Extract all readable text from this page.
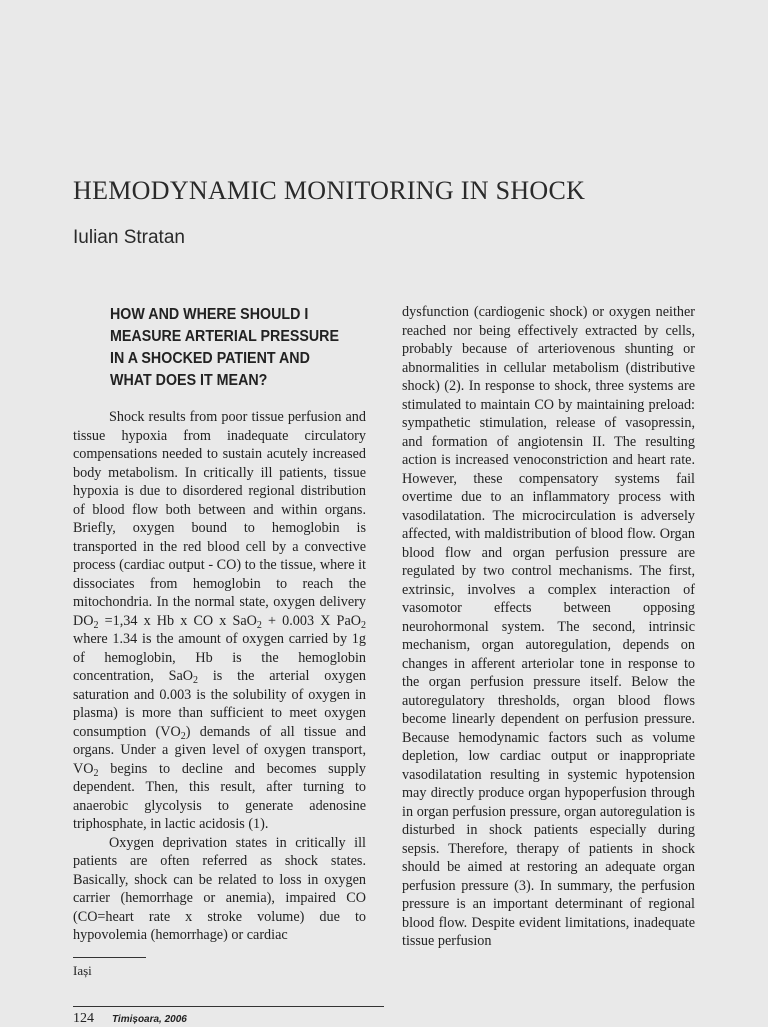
HEMODYNAMIC MONITORING IN SHOCK
Iulian Stratan
HOW AND WHERE SHOULD I MEASURE ARTERIAL PRESSURE IN A SHOCKED PATIENT AND WHAT DOES IT MEAN?

Shock results from poor tissue perfusion and tissue hypoxia from inadequate circulatory compensations needed to sustain acutely increased body metabolism. In critically ill patients, tissue hypoxia is due to disordered regional distribution of blood flow both between and within organs. Briefly, oxygen bound to hemoglobin is transported in the red blood cell by a convective process (cardiac output - CO) to the tissue, where it dissociates from hemoglobin to reach the mitochondria. In the normal state, oxygen delivery $DO_2 =1,34$ x Hb x CO x SaO$_2$ + 0.003 X PaO$_2$ where 1.34 is the amount of oxygen carried by 1g of hemoglobin, Hb is the hemoglobin concentration, SaO$_2$ is the arterial oxygen saturation and 0.003 is the solubility of oxygen in plasma) is more than sufficient to meet oxygen consumption $(VO_2)$ demands of all tissue and organs. Under a given level of oxygen transport, $VO_2$ begins to decline and becomes supply dependent. Then, this result, after turning to anaerobic glycolysis to generate adenosine triphosphate, in lactic acidosis (1).

Oxygen deprivation states in critically ill patients are often referred as shock states. Basically, shock can be related to loss in oxygen carrier (hemorrhage or anemia), impaired CO (CO=heart rate x stroke volume) due to hypovolemia (hemorrhage) or cardiac

dysfunction (cardiogenic shock) or oxygen neither reached nor being effectively extracted by cells, probably because of arteriovenous shunting or abnormalities in cellular metabolism (distributive shock) (2). In response to shock, three systems are stimulated to maintain CO by maintaining preload: sympathetic stimulation, release of vasopressin, and formation of angiotensin II. The resulting action is increased venoconstriction and heart rate. However, these compensatory systems fail overtime due to an inflammatory process with vasodilatation. The microcirculation is adversely affected, with maldistribution of blood flow. Organ blood flow and organ perfusion pressure are regulated by two control mechanisms. The first, extrinsic, involves a complex interaction of vasomotor effects between opposing neurohormonal system. The second, intrinsic mechanism, organ autoregulation, depends on changes in afferent arteriolar tone in response to the organ perfusion pressure itself. Below the autoregulatory thresholds, organ blood flows become linearly dependent on perfusion pressure. Because hemodynamic factors such as volume depletion, low cardiac output or inappropriate vasodilatation resulting in systemic hypotension may directly produce organ hypoperfusion through in organ perfusion pressure, organ autoregulation is disturbed in shock patients especially during sepsis. Therefore, therapy of patients in shock should be aimed at restoring an adequate organ perfusion pressure (3). In summary, the perfusion pressure is an important determinant of regional blood flow. Despite evident limitations, inadequate tissue perfusion

Iași
124 Timișoara, 2006
